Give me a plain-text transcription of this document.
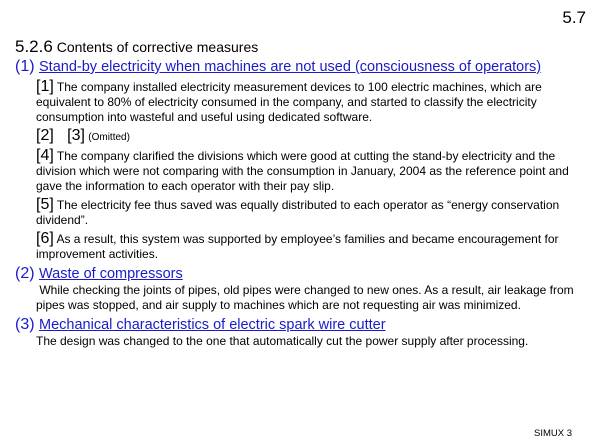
5.7
5.2.6 Contents of corrective measures
(1) Stand-by electricity when machines are not used (consciousness of operators)
[1] The company installed electricity measurement devices to 100 electric machines, which are equivalent to 80% of electricity consumed in the company, and started to classify the electricity consumption into wasteful and useful using dedicated software.
[2]   [3] (Omitted)
[4] The company clarified the divisions which were good at cutting the stand-by electricity and the division which were not comparing with the consumption in January, 2004 as the reference point and gave the information to each operator with their pay slip.
[5] The electricity fee thus saved was equally distributed to each operator as “energy conservation dividend”.
[6] As a result, this system was supported by employee’s families and became encouragement for improvement activities.
(2) Waste of compressors
While checking the joints of pipes, old pipes were changed to new ones. As a result, air leakage from pipes was stopped, and air supply to machines which are not requesting air was minimized.
(3) Mechanical characteristics of electric spark wire cutter
The design was changed to the one that automatically cut the power supply after processing.
SIMUX 3
